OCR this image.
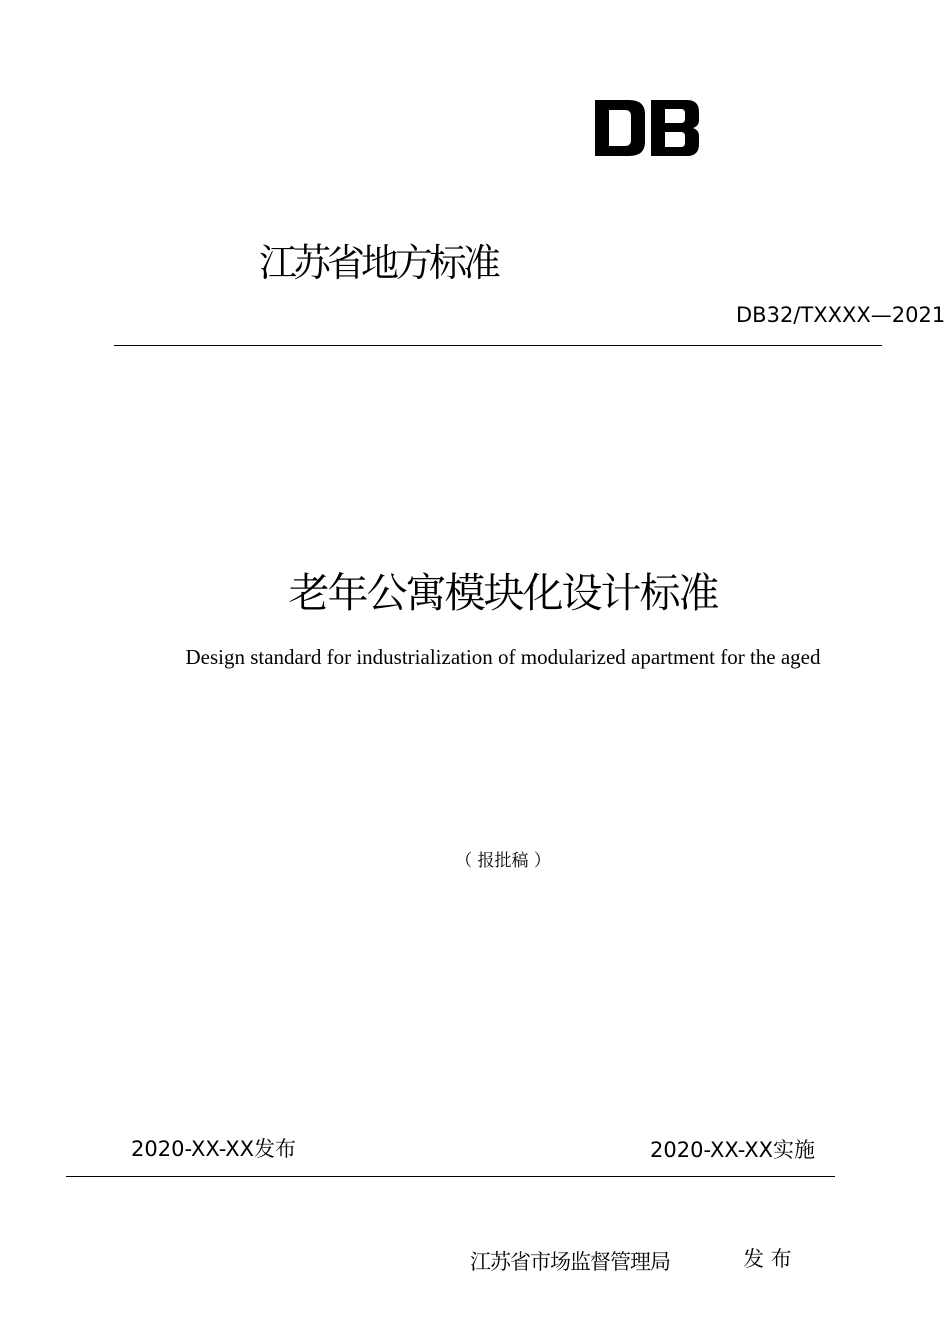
江苏省地方标准
DB32/TXXXX—2021
老年公寓模块化设计标准
Design standard for industrialization of modularized apartment for the aged
（ 报批稿 ）
2020-XX-XX发布	2020-XX-XX实施
江苏省市场监督管理局	发 布
